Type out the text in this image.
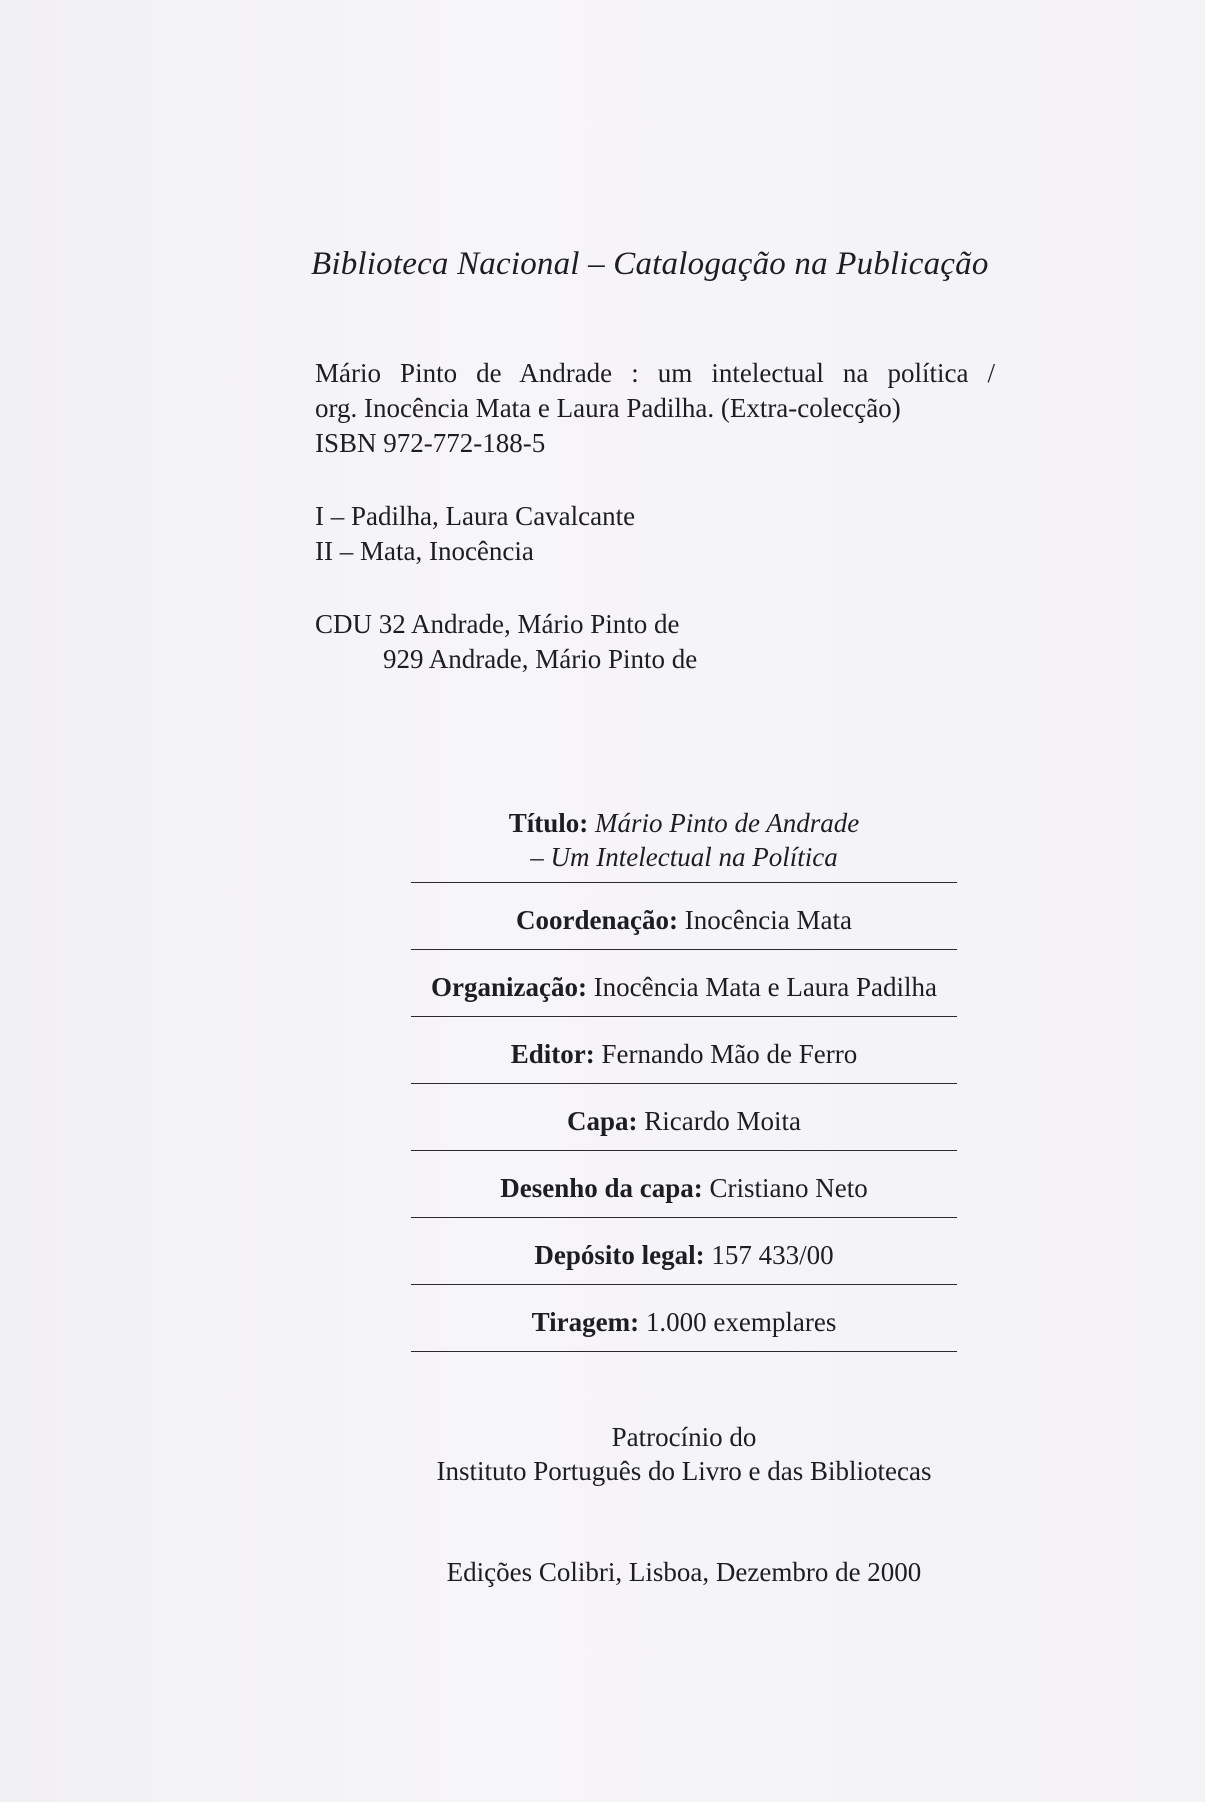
Biblioteca Nacional – Catalogação na Publicação
Mário Pinto de Andrade : um intelectual na política /
org. Inocência Mata e Laura Padilha. (Extra-colecção)
ISBN 972-772-188-5
I – Padilha, Laura Cavalcante
II – Mata, Inocência
CDU 32 Andrade, Mário Pinto de
929 Andrade, Mário Pinto de
Título: Mário Pinto de Andrade
– Um Intelectual na Política
Coordenação: Inocência Mata
Organização: Inocência Mata e Laura Padilha
Editor: Fernando Mão de Ferro
Capa: Ricardo Moita
Desenho da capa: Cristiano Neto
Depósito legal: 157 433/00
Tiragem: 1.000 exemplares
Patrocínio do
Instituto Português do Livro e das Bibliotecas
Edições Colibri, Lisboa, Dezembro de 2000
